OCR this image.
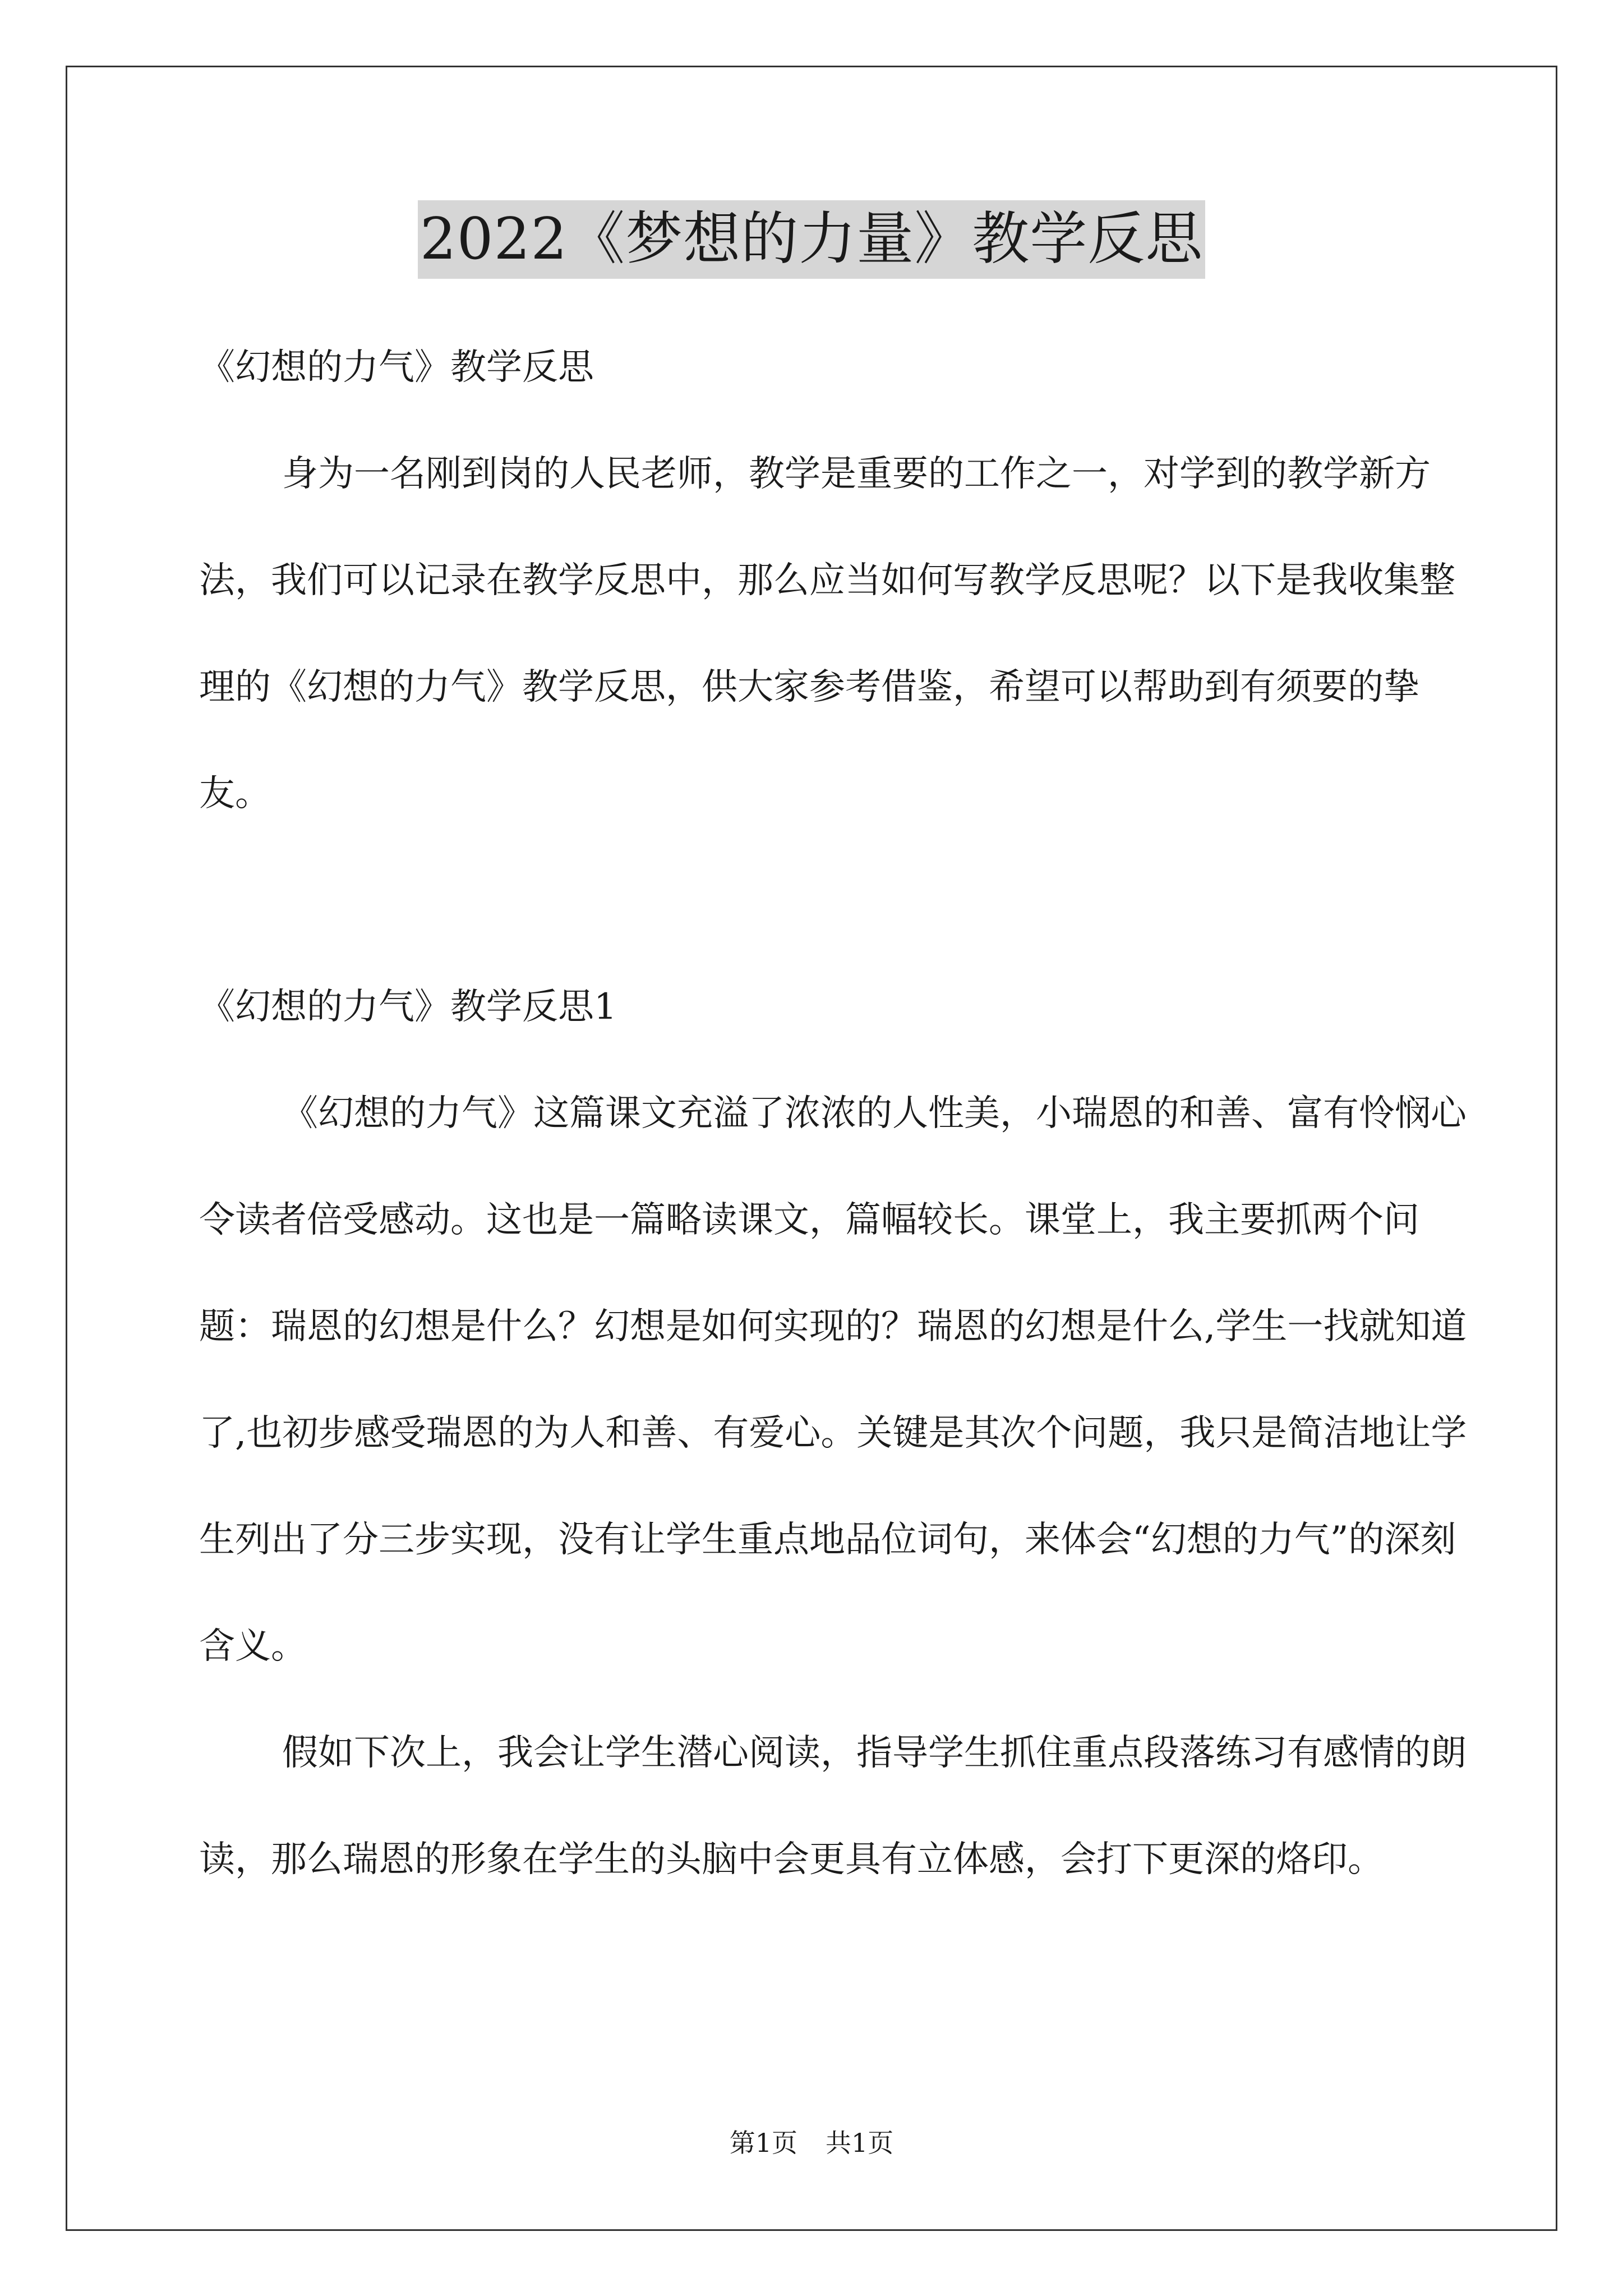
2022《梦想的力量》教学反思

《幻想的力气》教学反思

身为一名刚到岗的人民老师，教学是重要的工作之一，对学到的教学新方法，我们可以记录在教学反思中，那么应当如何写教学反思呢？以下是我收集整理的《幻想的力气》教学反思，供大家参考借鉴，希望可以帮助到有须要的挚友。

《幻想的力气》教学反思1

《幻想的力气》这篇课文充溢了浓浓的人性美，小瑞恩的和善、富有怜悯心令读者倍受感动。这也是一篇略读课文，篇幅较长。课堂上，我主要抓两个问题：瑞恩的幻想是什么？幻想是如何实现的？瑞恩的幻想是什么,学生一找就知道了,也初步感受瑞恩的为人和善、有爱心。关键是其次个问题，我只是简洁地让学生列出了分三步实现，没有让学生重点地品位词句，来体会“幻想的力气”的深刻含义。

假如下次上，我会让学生潜心阅读，指导学生抓住重点段落练习有感情的朗读，那么瑞恩的形象在学生的头脑中会更具有立体感，会打下更深的烙印。

第1页 共1页
